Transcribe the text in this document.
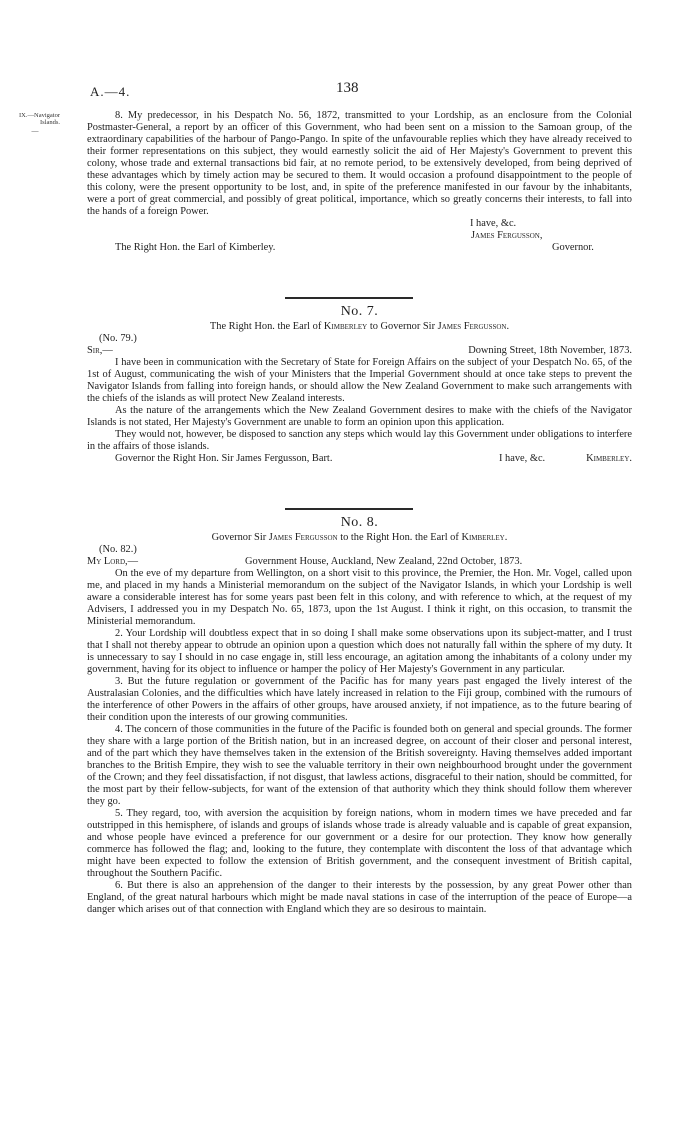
A.—4.	138
IX.—Navigator
Islands.
—

8. My predecessor, in his Despatch No. 56, 1872, transmitted to your Lordship, as an enclosure from the Colonial Postmaster-General, a report by an officer of this Government, who had been sent on a mission to the Samoan group, of the extraordinary capabilities of the harbour of Pango-Pango. In spite of the unfavourable replies which they have already received to their former representations on this subject, they would earnestly solicit the aid of Her Majesty's Government to prevent this colony, whose trade and external transactions bid fair, at no remote period, to be extensively developed, from being deprived of these advantages which by timely action may be secured to them. It would occasion a profound disappointment to the people of this colony, were the present opportunity to be lost, and, in spite of the preference manifested in our favour by the inhabitants, were a port of great commercial, and possibly of great political, importance, which so greatly concerns their interests, to fall into the hands of a foreign Power.

I have, &c.
James Fergusson,
The Right Hon. the Earl of Kimberley.	Governor.

No. 7.

The Right Hon. the Earl of Kimberley to Governor Sir James Fergusson.

(No. 79.)

Sir,—	Downing Street, 18th November, 1873.

I have been in communication with the Secretary of State for Foreign Affairs on the subject of your Despatch No. 65, of the 1st of August, communicating the wish of your Ministers that the Imperial Government should at once take steps to prevent the Navigator Islands from falling into foreign hands, or should allow the New Zealand Government to make such arrangements with the chiefs of the islands as will protect New Zealand interests.

As the nature of the arrangements which the New Zealand Government desires to make with the chiefs of the Navigator Islands is not stated, Her Majesty's Government are unable to form an opinion upon this application.

They would not, however, be disposed to sanction any steps which would lay this Government under obligations to interfere in the affairs of those islands.

Governor the Right Hon. Sir James Fergusson, Bart.	I have, &c.	Kimberley.

No. 8.

Governor Sir James Fergusson to the Right Hon. the Earl of Kimberley.

(No. 82.)

My Lord,—	Government House, Auckland, New Zealand, 22nd October, 1873.

On the eve of my departure from Wellington, on a short visit to this province, the Premier, the Hon. Mr. Vogel, called upon me, and placed in my hands a Ministerial memorandum on the subject of the Navigator Islands, in which your Lordship is well aware a considerable interest has for some years past been felt in this colony, and with reference to which, at the request of my Advisers, I addressed you in my Despatch No. 65, 1873, upon the 1st August. I think it right, on this occasion, to transmit the Ministerial memorandum.

2. Your Lordship will doubtless expect that in so doing I shall make some observations upon its subject-matter, and I trust that I shall not thereby appear to obtrude an opinion upon a question which does not naturally fall within the sphere of my duty. It is unnecessary to say I should in no case engage in, still less encourage, an agitation among the inhabitants of a colony under my government, having for its object to influence or hamper the policy of Her Majesty's Government in any particular.

3. But the future regulation or government of the Pacific has for many years past engaged the lively interest of the Australasian Colonies, and the difficulties which have lately increased in relation to the Fiji group, combined with the rumours of the interference of other Powers in the affairs of other groups, have aroused anxiety, if not impatience, as to the future bearing of their condition upon the interests of our growing communities.

4. The concern of those communities in the future of the Pacific is founded both on general and special grounds. The former they share with a large portion of the British nation, but in an increased degree, on account of their closer and personal interest, and of the part which they have themselves taken in the extension of the British sovereignty. Having themselves added important branches to the British Empire, they wish to see the valuable territory in their own neighbourhood brought under the government of the Crown; and they feel dissatisfaction, if not disgust, that lawless actions, disgraceful to their nation, should be committed, for the most part by their fellow-subjects, for want of the extension of that authority which they think should follow them wherever they go.

5. They regard, too, with aversion the acquisition by foreign nations, whom in modern times we have preceded and far outstripped in this hemisphere, of islands and groups of islands whose trade is already valuable and is capable of great expansion, and whose people have evinced a preference for our government or a desire for our protection. They know how generally commerce has followed the flag; and, looking to the future, they contemplate with discontent the loss of that advantage which might have been expected to follow the extension of British government, and the consequent investment of British capital, throughout the Southern Pacific.

6. But there is also an apprehension of the danger to their interests by the possession, by any great Power other than England, of the great natural harbours which might be made naval stations in case of the interruption of the peace of Europe—a danger which arises out of that connection with England which they are so desirous to maintain.
